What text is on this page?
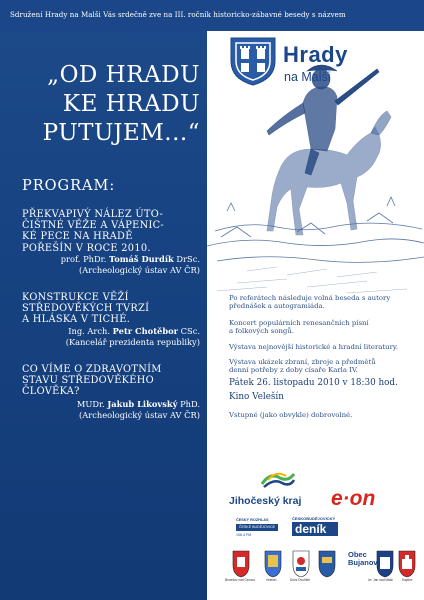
Sdružení Hrady na Malši Vás srdečně zve na III. ročník historicko-zábavné besedy s názvem
„OD HRADU
KE HRADU
PUTUJEM...“
PROGRAM:
PŘEKVAPIVÝ NÁLEZ ÚTO-
ČIŠTNÉ VĚŽE A VÁPENIC-
KÉ PECE NA HRADĚ
POŘEŠÍN V ROCE 2010.
prof. PhDr. Tomáš Durdík DrSc.
(Archeologický ústav AV ČR)
KONSTRUKCE VĚŽÍ
STŘEDOVĚKÝCH TVRZÍ
A HLÁSKA V TICHÉ.
Ing. Arch. Petr Chotěbor CSc.
(Kancelář prezidenta republiky)
CO VÍME O ZDRAVOTNÍM
STAVU STŘEDOVĚKÉHO
ČLOVĚKA?
MUDr. Jakub Likovský PhD.
(Archeologický ústav AV ČR)
Hrady
na Malši
Po referátech následuje volná beseda s autory
přednášek a autogramiáda.
Koncert populárních renesančních písní
a folkových songů.
Výstava nejnovější historické a hradní literatury.
Výstava ukázek zbraní, zbroje a předmětů
denní potřeby z doby císaře Karla IV.
Pátek 26. listopadu 2010 v 18:30 hod.
Kino Velešín
Vstupné (jako obvykle) dobrovolné.
Jihočeský kraj e·on
ČESKÝ ROZHLAS
ČESKÉ BUDĚJOVICE
106,4 FM
ČESKOBUDĚJOVICKÝ
deník
Obec
Bujanov
Benešov nad Černou	Velešín	Dolní Dvořiště	Ivr. Jan nad Malší	Kaplice
